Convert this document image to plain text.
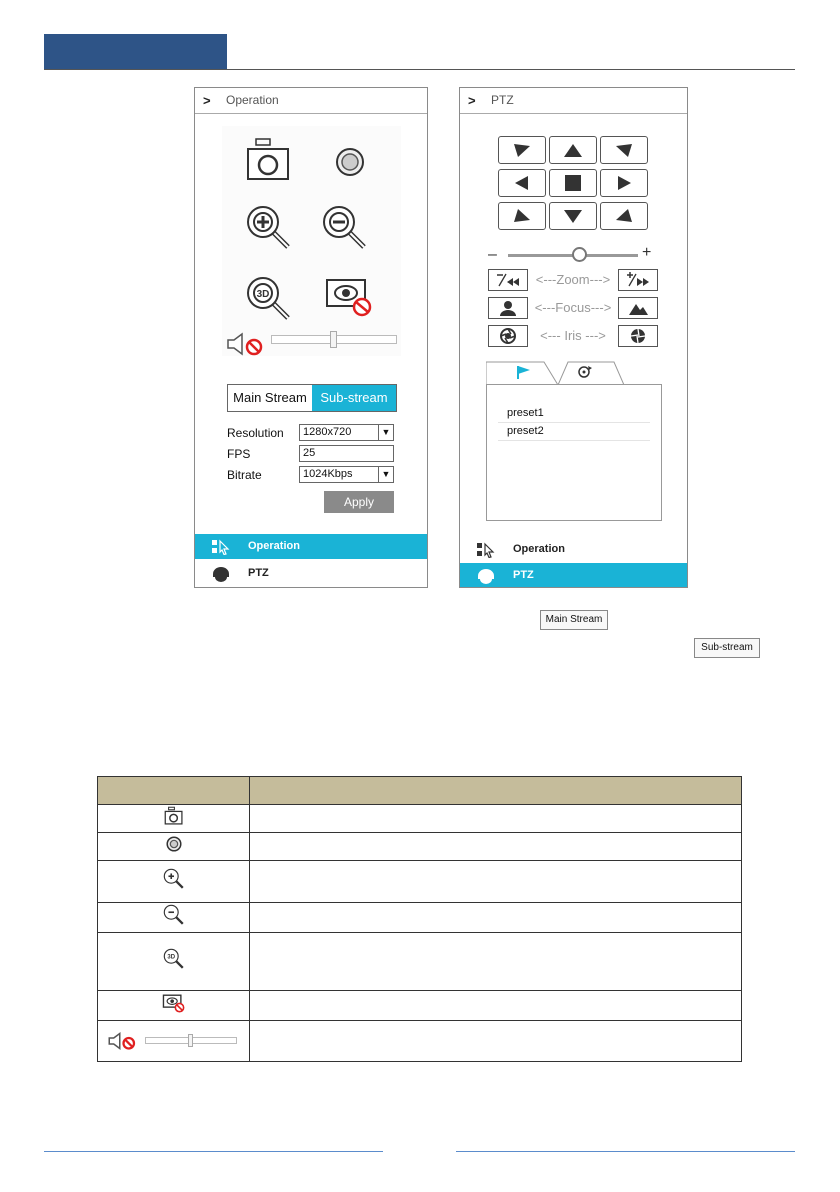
> Operation
3D
Main Stream	Sub-stream
Resolution	1280x720	▼
FPS	25
Bitrate	1024Kbps	▼
Apply
Operation
PTZ
> PTZ
–	+
<---Zoom--->
<---Focus--->
<--- Iris --->
preset1
preset2
Operation
PTZ
Main Stream
Sub-stream

3D	
